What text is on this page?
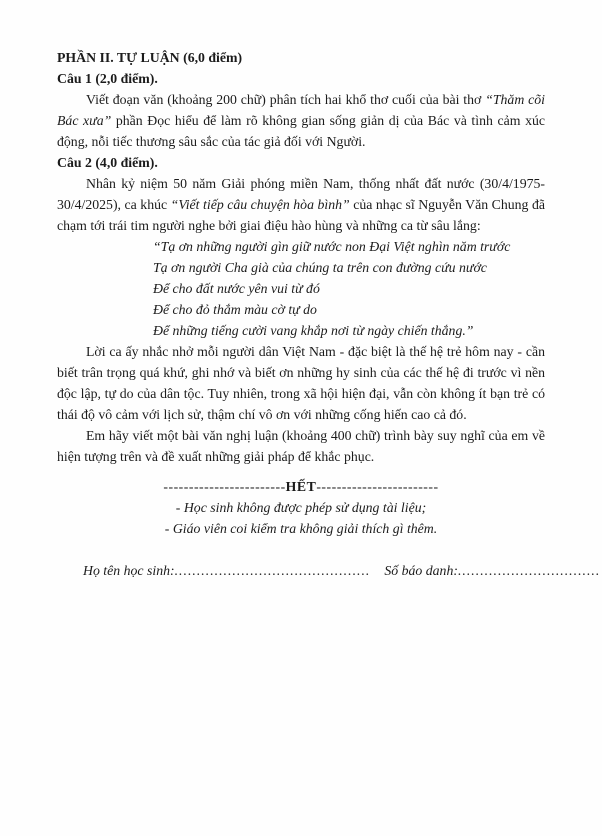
PHẦN II. TỰ LUẬN (6,0 điểm)

Câu 1 (2,0 điểm).

Viết đoạn văn (khoảng 200 chữ) phân tích hai khổ thơ cuối của bài thơ “Thăm cõi Bác xưa” phần Đọc hiểu để làm rõ không gian sống giản dị của Bác và tình cảm xúc động, nỗi tiếc thương sâu sắc của tác giả đối với Người.

Câu 2 (4,0 điểm).

Nhân kỷ niệm 50 năm Giải phóng miền Nam, thống nhất đất nước (30/4/1975-30/4/2025), ca khúc “Viết tiếp câu chuyện hòa bình” của nhạc sĩ Nguyễn Văn Chung đã chạm tới trái tim người nghe bởi giai điệu hào hùng và những ca từ sâu lắng:

“Tạ ơn những người gìn giữ nước non Đại Việt nghìn năm trước
Tạ ơn người Cha già của chúng ta trên con đường cứu nước
Để cho đất nước yên vui từ đó
Để cho đỏ thắm màu cờ tự do
Để những tiếng cười vang khắp nơi từ ngày chiến thắng.”

Lời ca ấy nhắc nhở mỗi người dân Việt Nam - đặc biệt là thế hệ trẻ hôm nay - cần biết trân trọng quá khứ, ghi nhớ và biết ơn những hy sinh của các thế hệ đi trước vì nền độc lập, tự do của dân tộc. Tuy nhiên, trong xã hội hiện đại, vẫn còn không ít bạn trẻ có thái độ vô cảm với lịch sử, thậm chí vô ơn với những cống hiến cao cả đó.

Em hãy viết một bài văn nghị luận (khoảng 400 chữ) trình bày suy nghĩ của em về hiện tượng trên và đề xuất những giải pháp để khắc phục.

------------------------HẾT------------------------
- Học sinh không được phép sử dụng tài liệu;
- Giáo viên coi kiểm tra không giải thích gì thêm.
Họ tên học sinh:............................................ Số báo danh:................................
